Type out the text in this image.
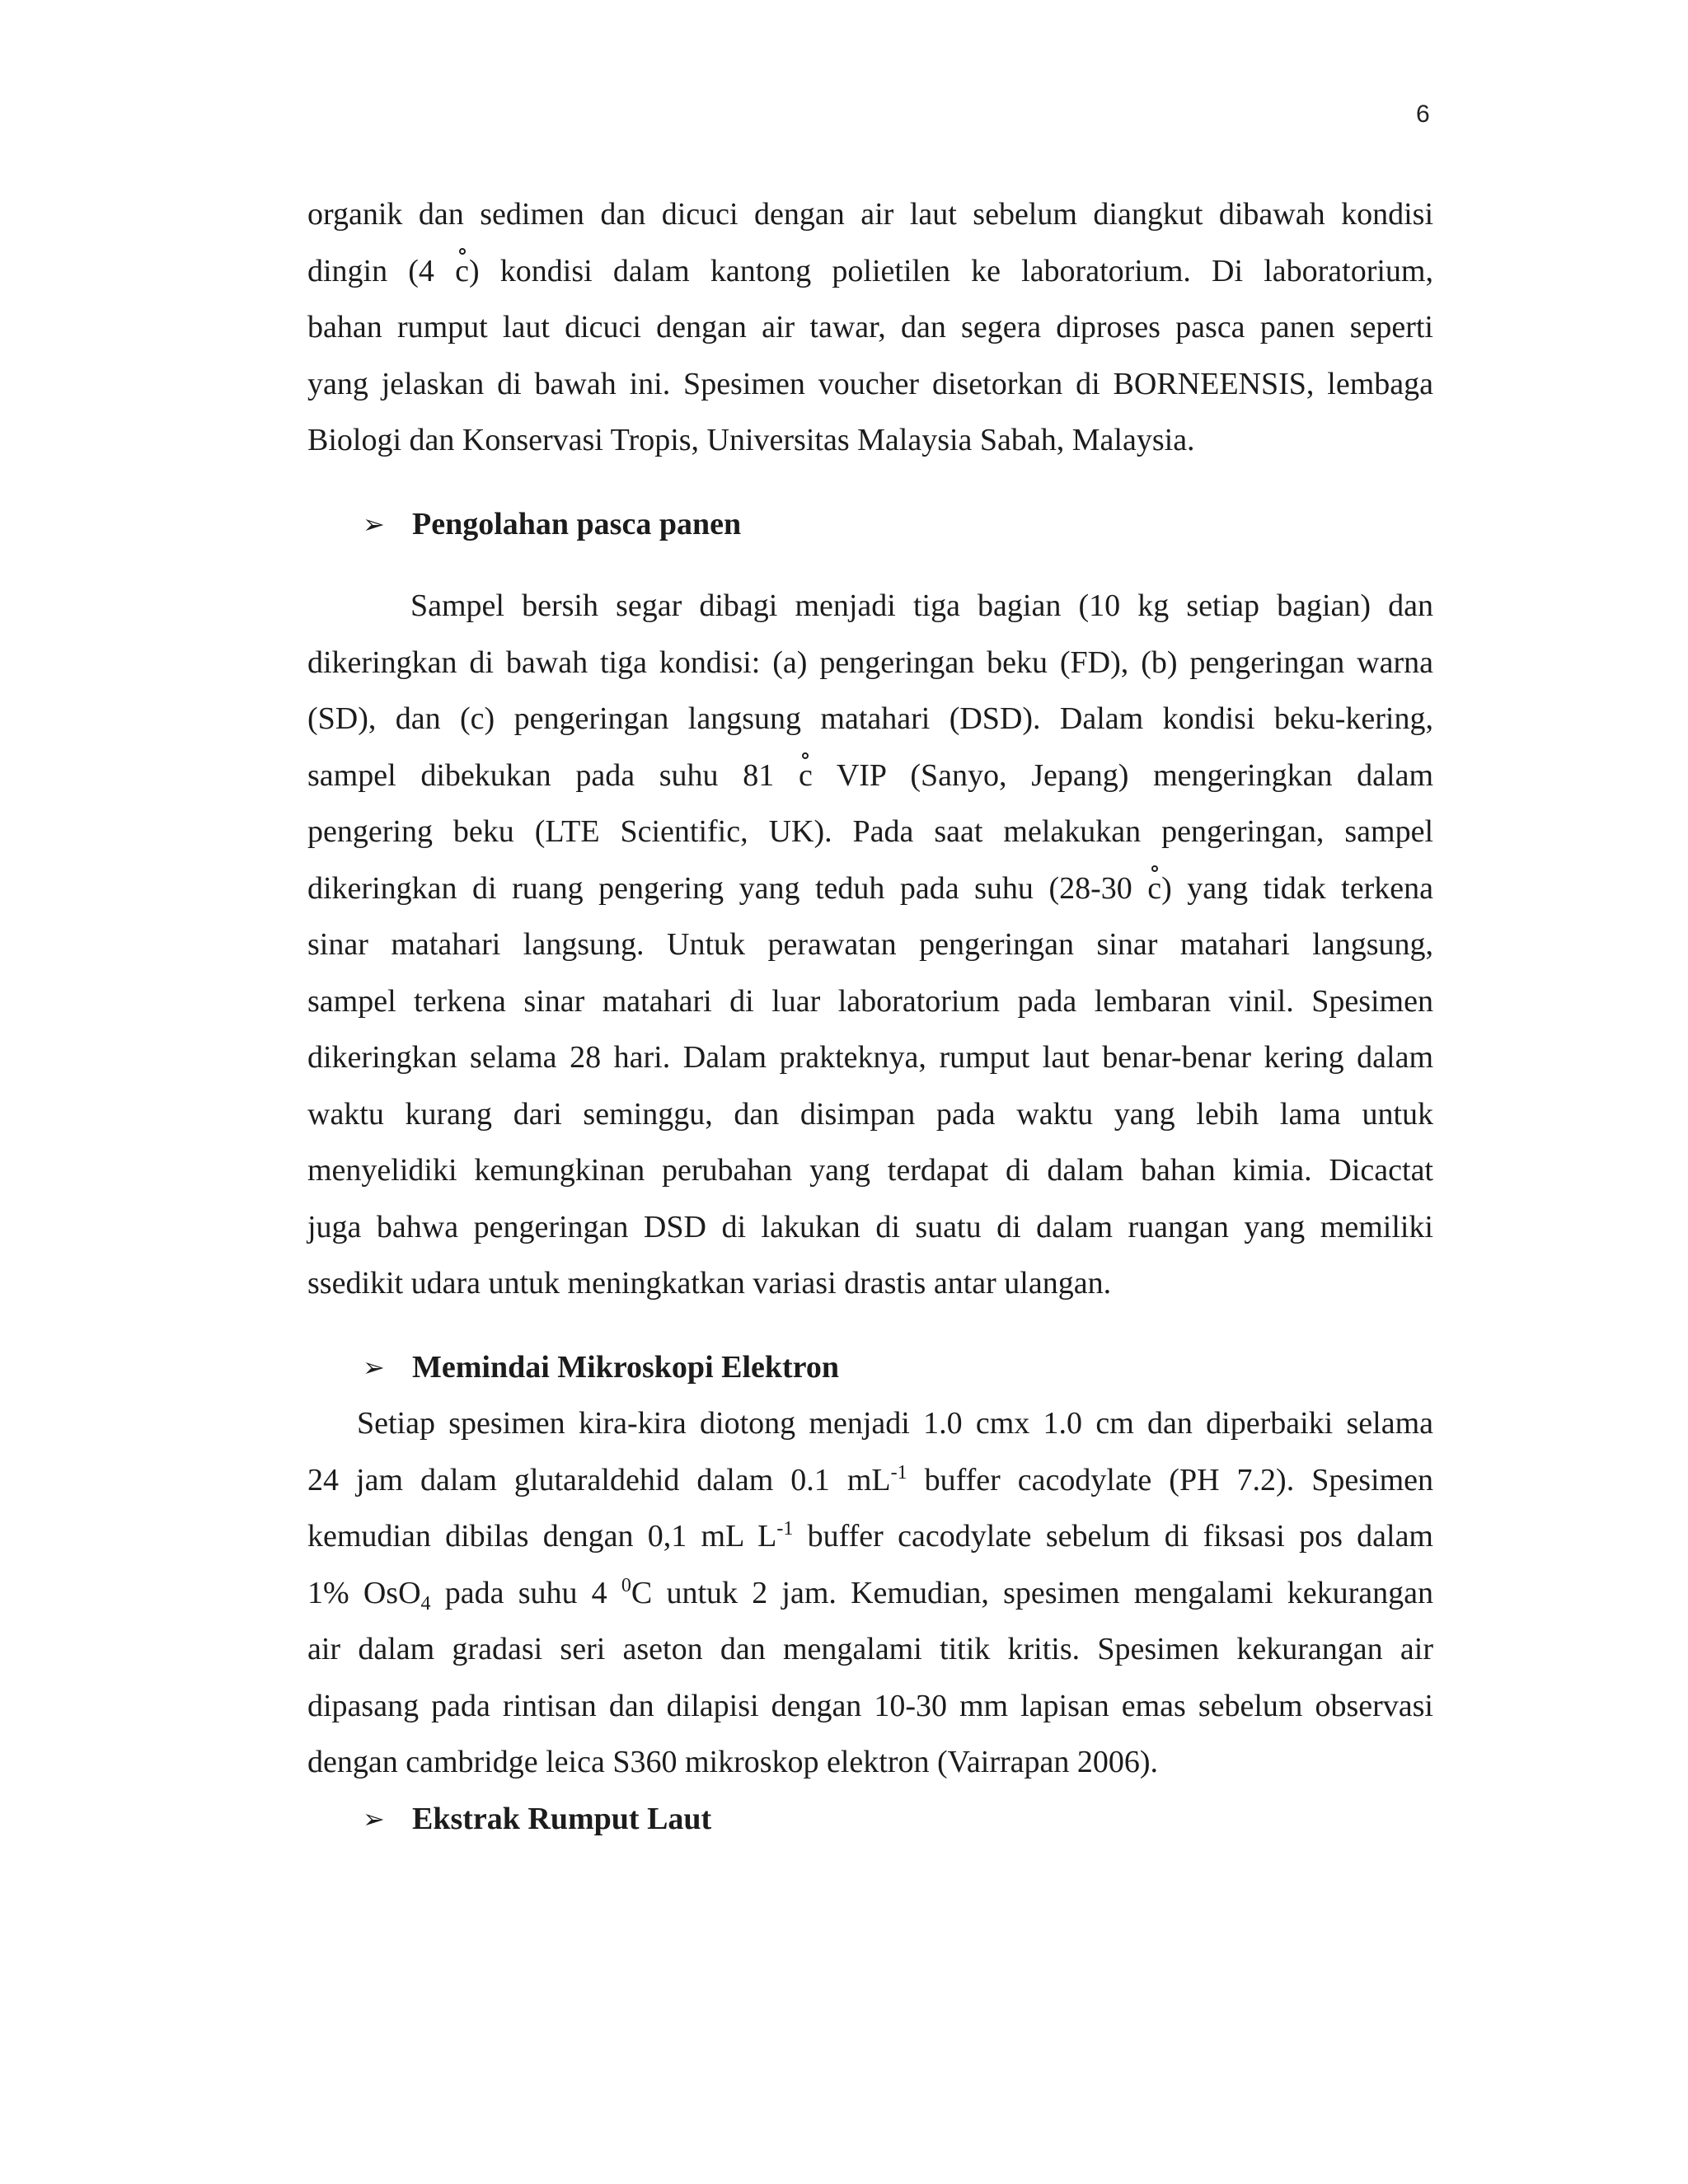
6

organik dan sedimen dan dicuci dengan air laut sebelum diangkut dibawah kondisi
dingin (4 c) kondisi dalam kantong polietilen ke laboratorium. Di laboratorium,
bahan rumput laut dicuci dengan air tawar, dan segera diproses pasca panen seperti
yang jelaskan di bawah ini. Spesimen voucher disetorkan di BORNEENSIS, lembaga
Biologi dan Konservasi Tropis, Universitas Malaysia Sabah, Malaysia.

➢ Pengolahan pasca panen

Sampel bersih segar dibagi menjadi tiga bagian (10 kg setiap bagian) dan
dikeringkan di bawah tiga kondisi: (a) pengeringan beku (FD), (b) pengeringan warna
(SD), dan (c) pengeringan langsung matahari (DSD). Dalam kondisi beku-kering,
sampel dibekukan pada suhu 81 c VIP (Sanyo, Jepang) mengeringkan dalam
pengering beku (LTE Scientific, UK). Pada saat melakukan pengeringan, sampel
dikeringkan di ruang pengering yang teduh pada suhu (28-30 c) yang tidak terkena
sinar matahari langsung. Untuk perawatan pengeringan sinar matahari langsung,
sampel terkena sinar matahari di luar laboratorium pada lembaran vinil. Spesimen
dikeringkan selama 28 hari. Dalam prakteknya, rumput laut benar-benar kering dalam
waktu kurang dari seminggu, dan disimpan pada waktu yang lebih lama untuk
menyelidiki kemungkinan perubahan yang terdapat di dalam bahan kimia. Dicactat
juga bahwa pengeringan DSD di lakukan di suatu di dalam ruangan yang memiliki
ssedikit udara untuk meningkatkan variasi drastis antar ulangan.

➢ Memindai Mikroskopi Elektron

Setiap spesimen kira-kira diotong menjadi 1.0 cmx 1.0 cm dan diperbaiki selama
24 jam dalam glutaraldehid dalam 0.1 $mL^{-1}$ buffer cacodylate (PH 7.2). Spesimen
kemudian dibilas dengan 0,1 mL $L^{-1}$ buffer cacodylate sebelum di fiksasi pos dalam
1% OsO$_4$ pada suhu 4 $^0$C untuk 2 jam. Kemudian, spesimen mengalami kekurangan
air dalam gradasi seri aseton dan mengalami titik kritis. Spesimen kekurangan air
dipasang pada rintisan dan dilapisi dengan 10-30 mm lapisan emas sebelum observasi
dengan cambridge leica S360 mikroskop elektron (Vairrapan 2006).

➢ Ekstrak Rumput Laut
